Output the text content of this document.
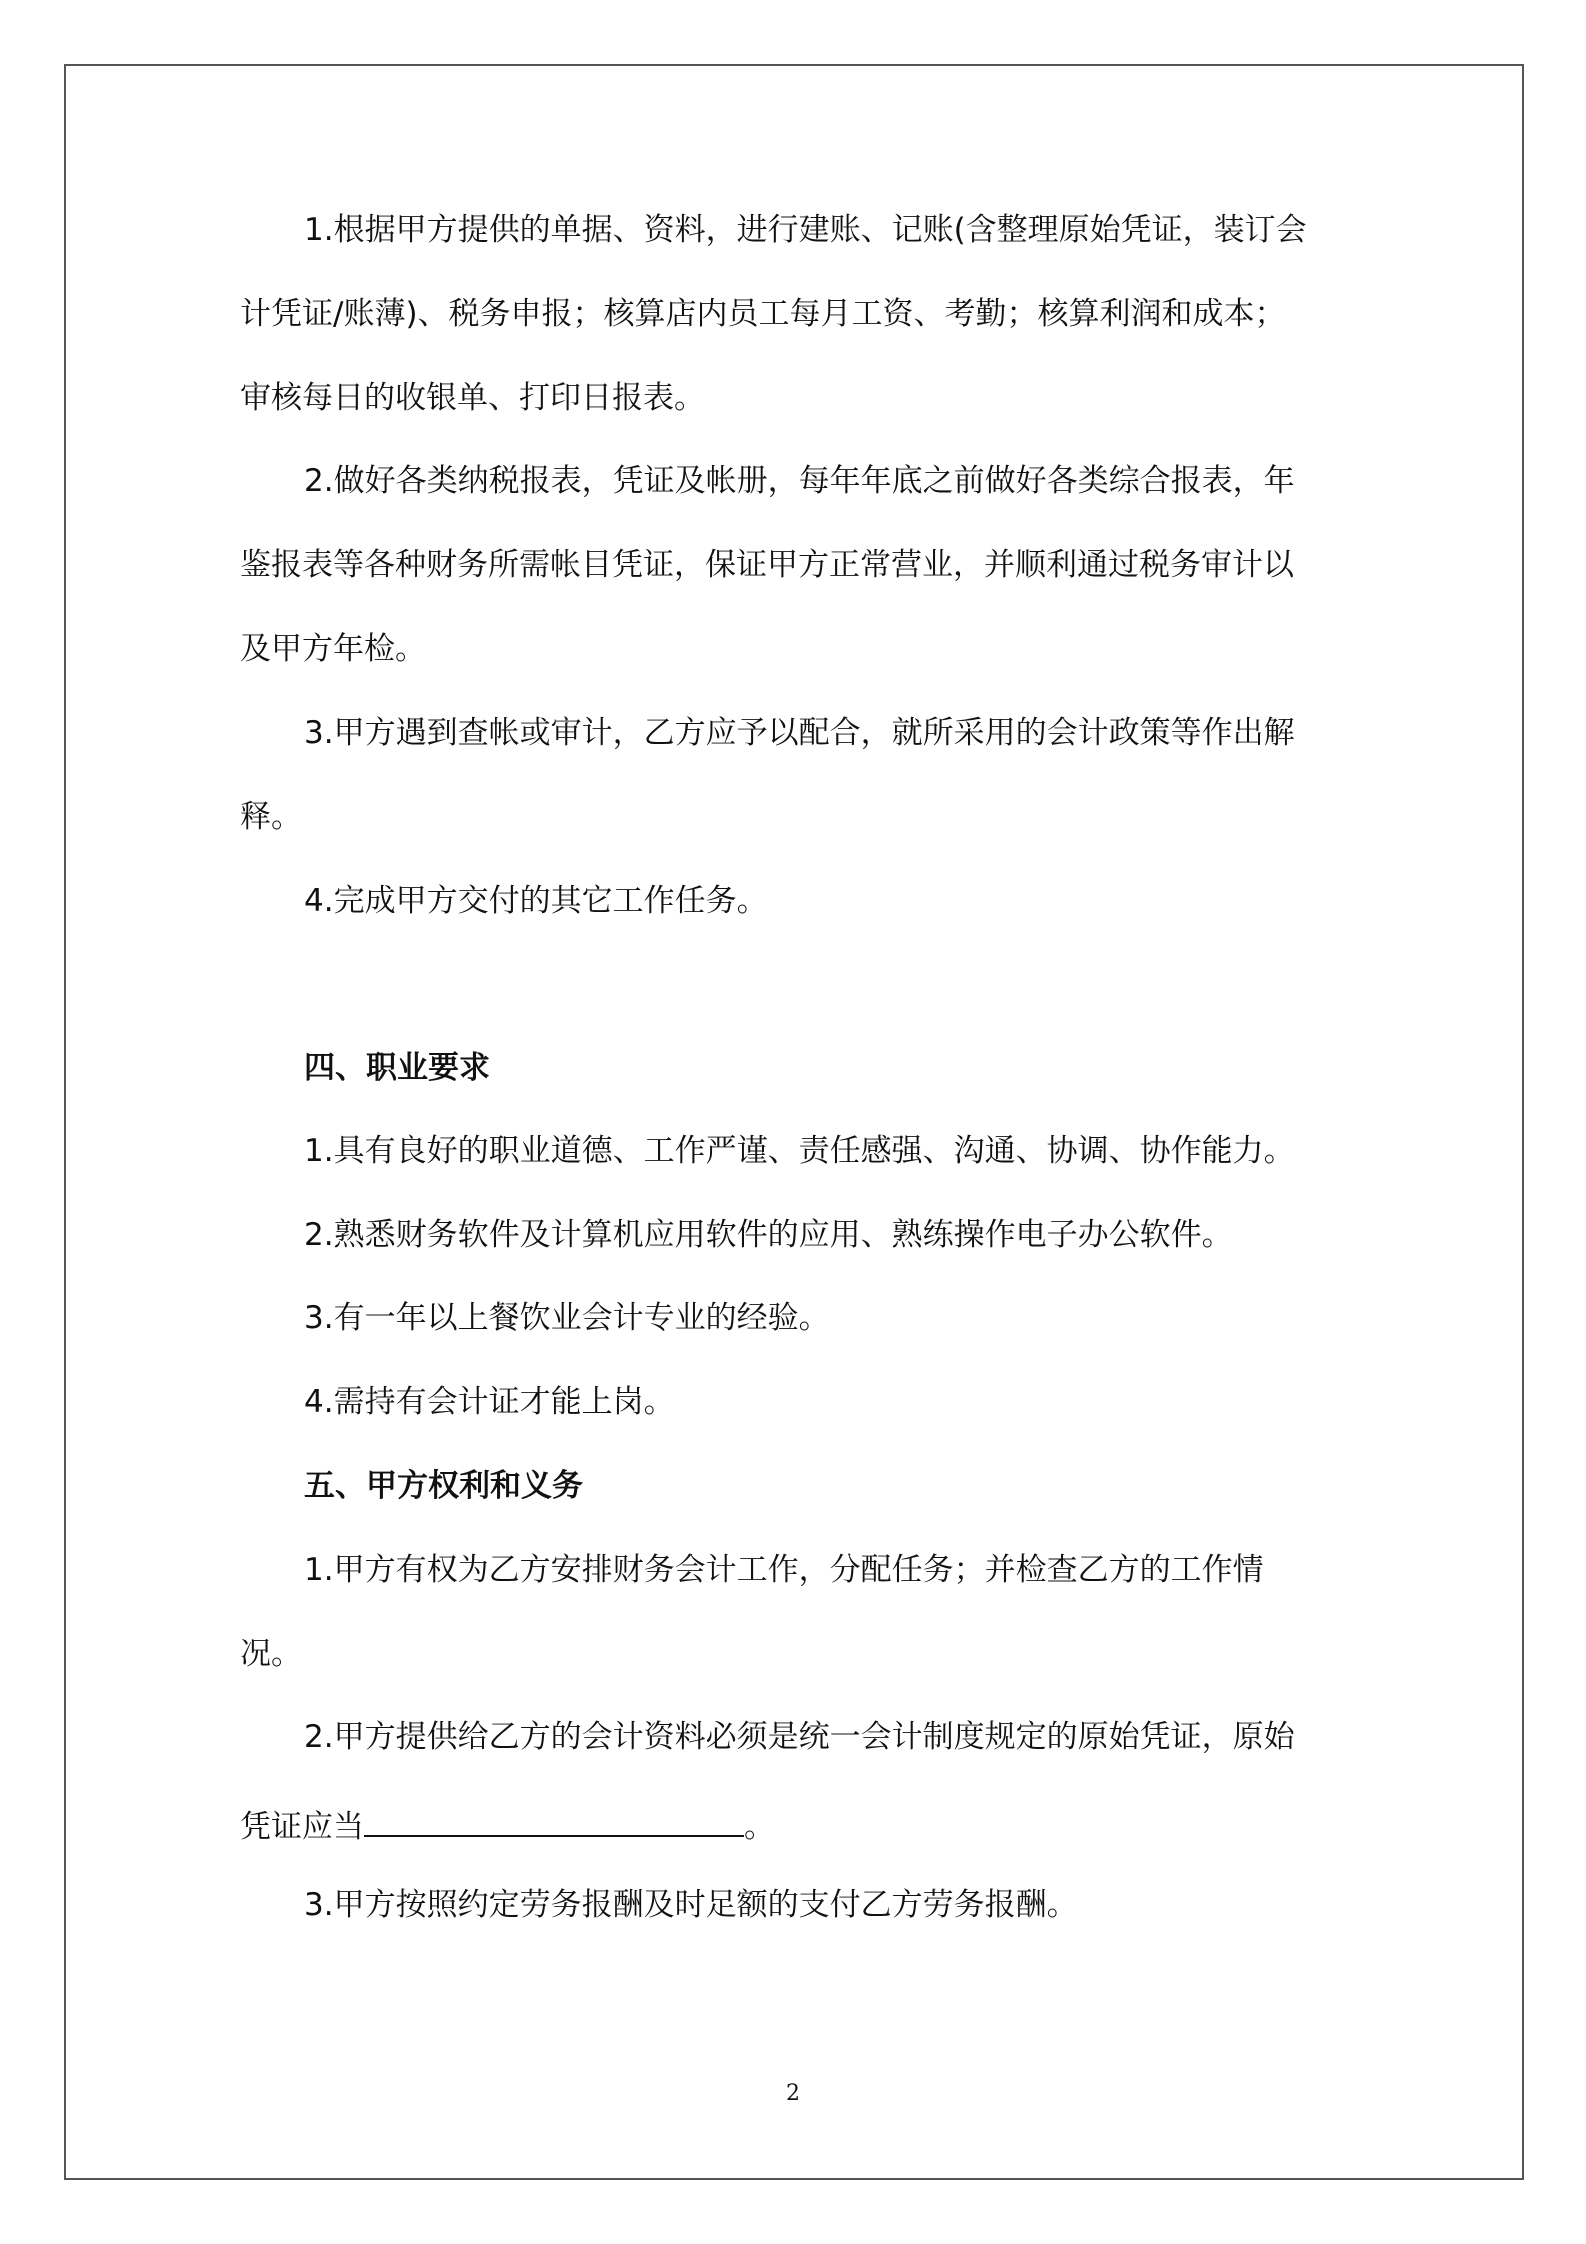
1.根据甲方提供的单据、资料，进行建账、记账(含整理原始凭证，装订会
计凭证/账薄)、税务申报；核算店内员工每月工资、考勤；核算利润和成本；
审核每日的收银单、打印日报表。
2.做好各类纳税报表，凭证及帐册，每年年底之前做好各类综合报表，年
鉴报表等各种财务所需帐目凭证，保证甲方正常营业，并顺利通过税务审计以
及甲方年检。
3.甲方遇到查帐或审计，乙方应予以配合，就所采用的会计政策等作出解
释。
4.完成甲方交付的其它工作任务。
四、职业要求
1.具有良好的职业道德、工作严谨、责任感强、沟通、协调、协作能力。
2.熟悉财务软件及计算机应用软件的应用、熟练操作电子办公软件。
3.有一年以上餐饮业会计专业的经验。
4.需持有会计证才能上岗。
五、甲方权利和义务
1.甲方有权为乙方安排财务会计工作，分配任务；并检查乙方的工作情
况。
2.甲方提供给乙方的会计资料必须是统一会计制度规定的原始凭证，原始
凭证应当	。
3.甲方按照约定劳务报酬及时足额的支付乙方劳务报酬。
2
